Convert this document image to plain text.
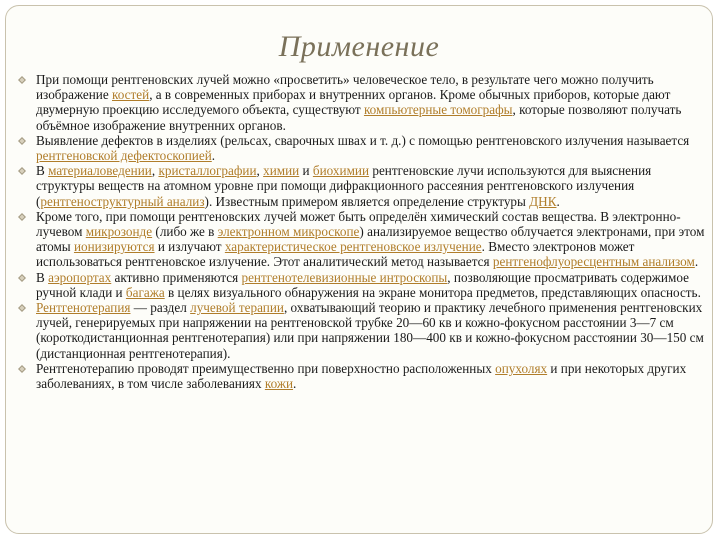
Применение
При помощи рентгеновских лучей можно «просветить» человеческое тело, в результате чего можно получить изображение костей, а в современных приборах и внутренних органов. Кроме обычных приборов, которые дают двумерную проекцию исследуемого объекта, существуют компьютерные томографы, которые позволяют получать объёмное изображение внутренних органов.
Выявление дефектов в изделиях (рельсах, сварочных швах и т. д.) с помощью рентгеновского излучения называется рентгеновской дефектоскопией.
В материаловедении, кристаллографии, химии и биохимии рентгеновские лучи используются для выяснения структуры веществ на атомном уровне при помощи дифракционного рассеяния рентгеновского излучения (рентгеноструктурный анализ). Известным примером является определение структуры ДНК.
Кроме того, при помощи рентгеновских лучей может быть определён химический состав вещества. В электронно-лучевом микрозонде (либо же в электронном микроскопе) анализируемое вещество облучается электронами, при этом атомы ионизируются и излучают характеристическое рентгеновское излучение. Вместо электронов может использоваться рентгеновское излучение. Этот аналитический метод называется рентгенофлуоресцентным анализом.
В аэропортах активно применяются рентгенотелевизионные интроскопы, позволяющие просматривать содержимое ручной клади и багажа в целях визуального обнаружения на экране монитора предметов, представляющих опасность.
Рентгенотерапия — раздел лучевой терапии, охватывающий теорию и практику лечебного применения рентгеновских лучей, генерируемых при напряжении на рентгеновской трубке 20—60 кв и кожно-фокусном расстоянии 3—7 см (короткодистанционная рентгенотерапия) или при напряжении 180—400 кв и кожно-фокусном расстоянии 30—150 см (дистанционная рентгенотерапия).
Рентгенотерапию проводят преимущественно при поверхностно расположенных опухолях и при некоторых других заболеваниях, в том числе заболеваниях кожи.
